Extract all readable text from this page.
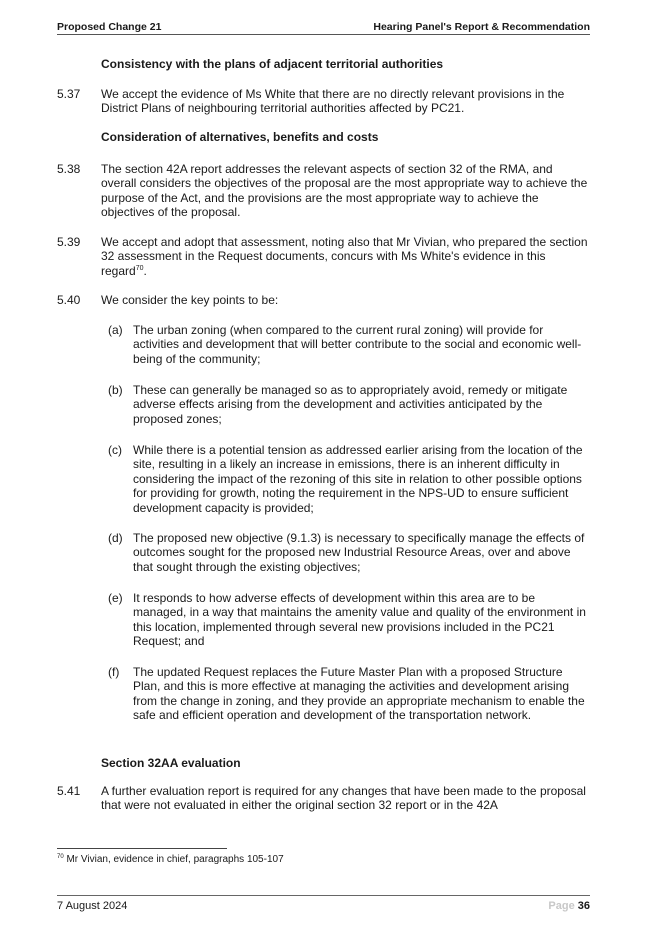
Proposed Change 21	Hearing Panel's Report & Recommendation
Consistency with the plans of adjacent territorial authorities
5.37 We accept the evidence of Ms White that there are no directly relevant provisions in the District Plans of neighbouring territorial authorities affected by PC21.
Consideration of alternatives, benefits and costs
5.38 The section 42A report addresses the relevant aspects of section 32 of the RMA, and overall considers the objectives of the proposal are the most appropriate way to achieve the purpose of the Act, and the provisions are the most appropriate way to achieve the objectives of the proposal.
5.39 We accept and adopt that assessment, noting also that Mr Vivian, who prepared the section 32 assessment in the Request documents, concurs with Ms White's evidence in this regard$^{70}$.
5.40 We consider the key points to be:
(a) The urban zoning (when compared to the current rural zoning) will provide for activities and development that will better contribute to the social and economic well-being of the community;
(b) These can generally be managed so as to appropriately avoid, remedy or mitigate adverse effects arising from the development and activities anticipated by the proposed zones;
(c) While there is a potential tension as addressed earlier arising from the location of the site, resulting in a likely an increase in emissions, there is an inherent difficulty in considering the impact of the rezoning of this site in relation to other possible options for providing for growth, noting the requirement in the NPS-UD to ensure sufficient development capacity is provided;
(d) The proposed new objective (9.1.3) is necessary to specifically manage the effects of outcomes sought for the proposed new Industrial Resource Areas, over and above that sought through the existing objectives;
(e) It responds to how adverse effects of development within this area are to be managed, in a way that maintains the amenity value and quality of the environment in this location, implemented through several new provisions included in the PC21 Request; and
(f) The updated Request replaces the Future Master Plan with a proposed Structure Plan, and this is more effective at managing the activities and development arising from the change in zoning, and they provide an appropriate mechanism to enable the safe and efficient operation and development of the transportation network.
Section 32AA evaluation
5.41 A further evaluation report is required for any changes that have been made to the proposal that were not evaluated in either the original section 32 report or in the 42A
$^{70}$ Mr Vivian, evidence in chief, paragraphs 105-107
7 August 2024	Page 36
